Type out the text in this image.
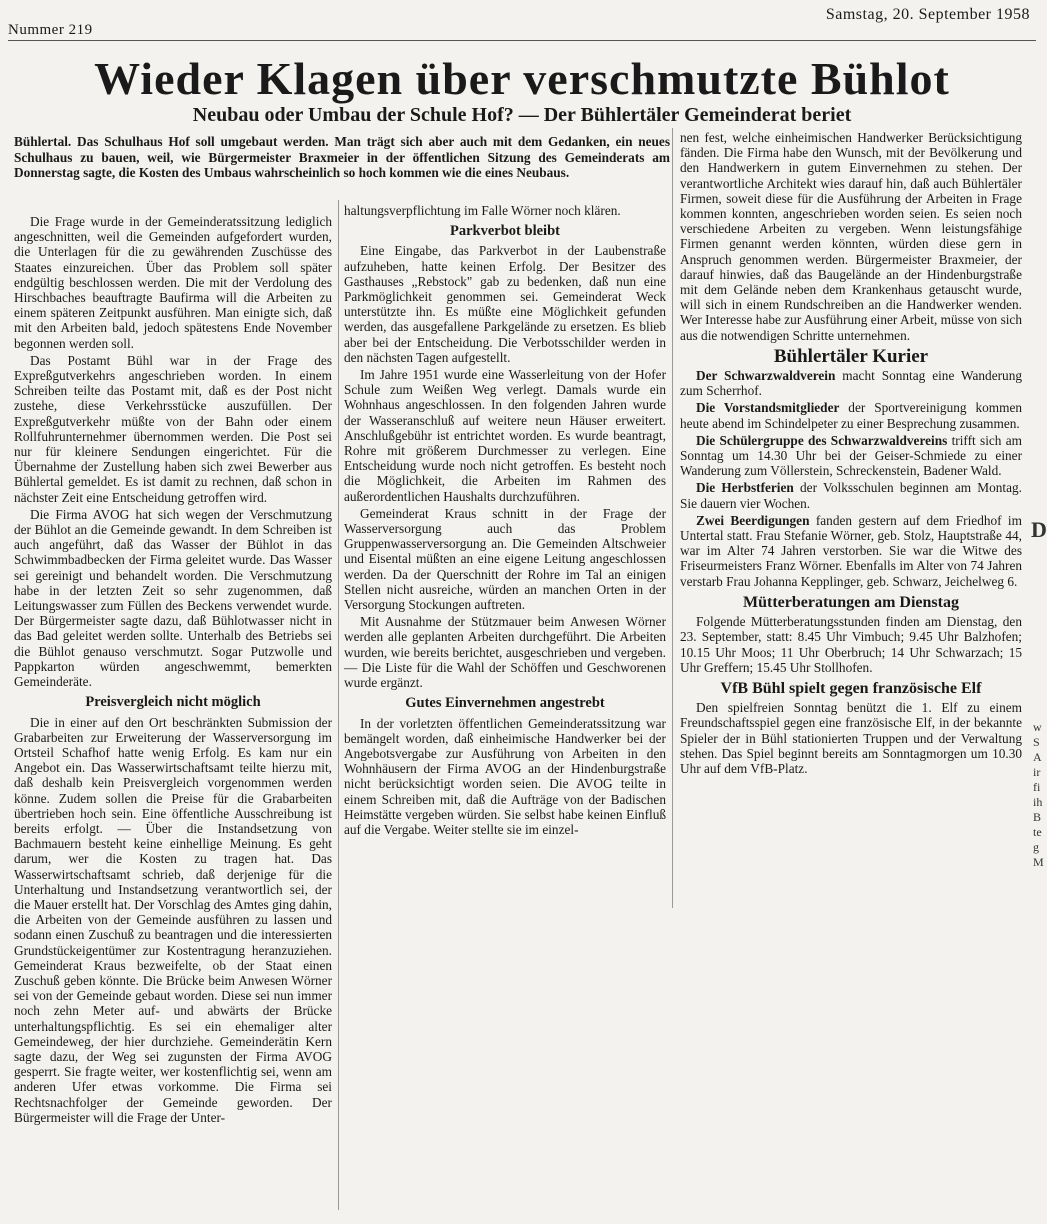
Nummer 219
Samstag, 20. September 1958
Wieder Klagen über verschmutzte Bühlot
Neubau oder Umbau der Schule Hof? — Der Bühlertäler Gemeinderat beriet
Bühlertal. Das Schulhaus Hof soll umgebaut werden. Man trägt sich aber auch mit dem Gedanken, ein neues Schulhaus zu bauen, weil, wie Bürgermeister Braxmeier in der öffentlichen Sitzung des Gemeinderats am Donnerstag sagte, die Kosten des Umbaus wahrscheinlich so hoch kommen wie die eines Neubaus.

Die Frage wurde in der Gemeinderatssitzung lediglich angeschnitten, weil die Gemeinden aufgefordert wurden, die Unterlagen für die zu gewährenden Zuschüsse des Staates einzureichen. Über das Problem soll später endgültig beschlossen werden. Die mit der Verdolung des Hirschbaches beauftragte Baufirma will die Arbeiten zu einem späteren Zeitpunkt ausführen. Man einigte sich, daß mit den Arbeiten bald, jedoch spätestens Ende November begonnen werden soll.

Das Postamt Bühl war in der Frage des Expreßgutverkehrs angeschrieben worden. In einem Schreiben teilte das Postamt mit, daß es der Post nicht zustehe, diese Verkehrsstücke auszufüllen. Der Expreßgutverkehr müßte von der Bahn oder einem Rollfuhrunternehmer übernommen werden. Die Post sei nur für kleinere Sendungen eingerichtet. Für die Übernahme der Zustellung haben sich zwei Bewerber aus Bühlertal gemeldet. Es ist damit zu rechnen, daß schon in nächster Zeit eine Entscheidung getroffen wird.

Die Firma AVOG hat sich wegen der Verschmutzung der Bühlot an die Gemeinde gewandt. In dem Schreiben ist auch angeführt, daß das Wasser der Bühlot in das Schwimmbadbecken der Firma geleitet wurde. Das Wasser sei gereinigt und behandelt worden. Die Verschmutzung habe in der letzten Zeit so sehr zugenommen, daß Leitungswasser zum Füllen des Beckens verwendet wurde. Der Bürgermeister sagte dazu, daß Bühlotwasser nicht in das Bad geleitet werden sollte. Unterhalb des Betriebs sei die Bühlot genauso verschmutzt. Sogar Putzwolle und Pappkarton würden angeschwemmt, bemerkten Gemeinderäte.

Preisvergleich nicht möglich

Die in einer auf den Ort beschränkten Submission der Grabarbeiten zur Erweiterung der Wasserversorgung im Ortsteil Schafhof hatte wenig Erfolg. Es kam nur ein Angebot ein. Das Wasserwirtschaftsamt teilte hierzu mit, daß deshalb kein Preisvergleich vorgenommen werden könne. Zudem sollen die Preise für die Grabarbeiten übertrieben hoch sein. Eine öffentliche Ausschreibung ist bereits erfolgt. — Über die Instandsetzung von Bachmauern besteht keine einhellige Meinung. Es geht darum, wer die Kosten zu tragen hat. Das Wasserwirtschaftsamt schrieb, daß derjenige für die Unterhaltung und Instandsetzung verantwortlich sei, der die Mauer erstellt hat. Der Vorschlag des Amtes ging dahin, die Arbeiten von der Gemeinde ausführen zu lassen und sodann einen Zuschuß zu beantragen und die interessierten Grundstückeigentümer zur Kostentragung heranzuziehen. Gemeinderat Kraus bezweifelte, ob der Staat einen Zuschuß geben könnte. Die Brücke beim Anwesen Wörner sei von der Gemeinde gebaut worden. Diese sei nun immer noch zehn Meter auf- und abwärts der Brücke unterhaltungspflichtig. Es sei ein ehemaliger alter Gemeindeweg, der hier durchziehe. Gemeinderätin Kern sagte dazu, der Weg sei zugunsten der Firma AVOG gesperrt. Sie fragte weiter, wer kostenflichtig sei, wenn am anderen Ufer etwas vorkomme. Die Firma sei Rechtsnachfolger der Gemeinde geworden. Der Bürgermeister will die Frage der Unter-

haltungsverpflichtung im Falle Wörner noch klären.

Parkverbot bleibt

Eine Eingabe, das Parkverbot in der Laubenstraße aufzuheben, hatte keinen Erfolg. Der Besitzer des Gasthauses „Rebstock" gab zu bedenken, daß nun eine Parkmöglichkeit genommen sei. Gemeinderat Weck unterstützte ihn. Es müßte eine Möglichkeit gefunden werden, das ausgefallene Parkgelände zu ersetzen. Es blieb aber bei der Entscheidung. Die Verbotsschilder werden in den nächsten Tagen aufgestellt.

Im Jahre 1951 wurde eine Wasserleitung von der Hofer Schule zum Weißen Weg verlegt. Damals wurde ein Wohnhaus angeschlossen. In den folgenden Jahren wurde der Wasseranschluß auf weitere neun Häuser erweitert. Anschlußgebühr ist entrichtet worden. Es wurde beantragt, Rohre mit größerem Durchmesser zu verlegen. Eine Entscheidung wurde noch nicht getroffen. Es besteht noch die Möglichkeit, die Arbeiten im Rahmen des außerordentlichen Haushalts durchzuführen.

Gemeinderat Kraus schnitt in der Frage der Wasserversorgung auch das Problem Gruppenwasserversorgung an. Die Gemeinden Altschweier und Eisental müßten an eine eigene Leitung angeschlossen werden. Da der Querschnitt der Rohre im Tal an einigen Stellen nicht ausreiche, würden an manchen Orten in der Versorgung Stockungen auftreten.

Mit Ausnahme der Stützmauer beim Anwesen Wörner werden alle geplanten Arbeiten durchgeführt. Die Arbeiten wurden, wie bereits berichtet, ausgeschrieben und vergeben. — Die Liste für die Wahl der Schöffen und Geschworenen wurde ergänzt.

Gutes Einvernehmen angestrebt

In der vorletzten öffentlichen Gemeinderatssitzung war bemängelt worden, daß einheimische Handwerker bei der Angebotsvergabe zur Ausführung von Arbeiten in den Wohnhäusern der Firma AVOG an der Hindenburgstraße nicht berücksichtigt worden seien. Die AVOG teilte in einem Schreiben mit, daß die Aufträge von der Badischen Heimstätte vergeben würden. Sie selbst habe keinen Einfluß auf die Vergabe. Weiter stellte sie im einzel-

nen fest, welche einheimischen Handwerker Berücksichtigung fänden. Die Firma habe den Wunsch, mit der Bevölkerung und den Handwerkern in gutem Einvernehmen zu stehen. Der verantwortliche Architekt wies darauf hin, daß auch Bühlertäler Firmen, soweit diese für die Ausführung der Arbeiten in Frage kommen konnten, angeschrieben worden seien. Es seien noch verschiedene Arbeiten zu vergeben. Wenn leistungsfähige Firmen genannt werden könnten, würden diese gern in Anspruch genommen werden. Bürgermeister Braxmeier, der darauf hinwies, daß das Baugelände an der Hindenburgstraße mit dem Gelände neben dem Krankenhaus getauscht wurde, will sich in einem Rundschreiben an die Handwerker wenden. Wer Interesse habe zur Ausführung einer Arbeit, müsse von sich aus die notwendigen Schritte unternehmen.

Bühlertäler Kurier

Der Schwarzwaldverein macht Sonntag eine Wanderung zum Scherrhof.

Die Vorstandsmitglieder der Sportvereinigung kommen heute abend im Schindelpeter zu einer Besprechung zusammen.

Die Schülergruppe des Schwarzwaldvereins trifft sich am Sonntag um 14.30 Uhr bei der Geiser-Schmiede zu einer Wanderung zum Völlerstein, Schreckenstein, Badener Wald.

Die Herbstferien der Volksschulen beginnen am Montag. Sie dauern vier Wochen.

Zwei Beerdigungen fanden gestern auf dem Friedhof im Untertal statt. Frau Stefanie Wörner, geb. Stolz, Hauptstraße 44, war im Alter 74 Jahren verstorben. Sie war die Witwe des Friseurmeisters Franz Wörner. Ebenfalls im Alter von 74 Jahren verstarb Frau Johanna Kepplinger, geb. Schwarz, Jeichelweg 6.

Mütterberatungen am Dienstag

Folgende Mütterberatungsstunden finden am Dienstag, den 23. September, statt: 8.45 Uhr Vimbuch; 9.45 Uhr Balzhofen; 10.15 Uhr Moos; 11 Uhr Oberbruch; 14 Uhr Schwarzach; 15 Uhr Greffern; 15.45 Uhr Stollhofen.

VfB Bühl spielt gegen französische Elf

Den spielfreien Sonntag benützt die 1. Elf zu einem Freundschaftsspiel gegen eine französische Elf, in der bekannte Spieler der in Bühl stationierten Truppen und der Verwaltung stehen. Das Spiel beginnt bereits am Sonntagmorgen um 10.30 Uhr auf dem VfB-Platz.

D
w
S
A
ir
fi
ih
B
te
g
M
